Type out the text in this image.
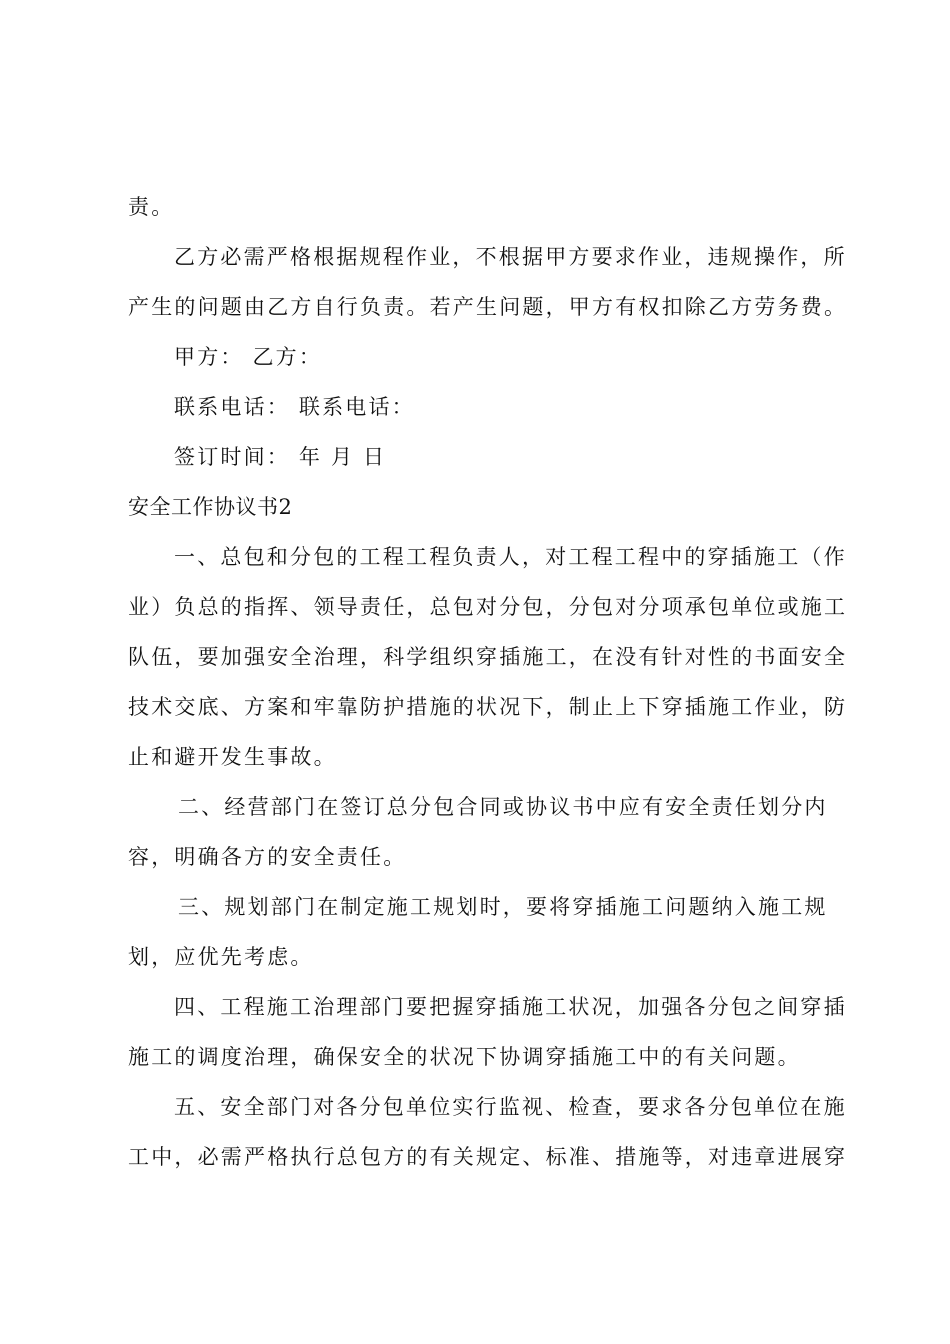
责。
乙方必需严格根据规程作业，不根据甲方要求作业，违规操作，所
产生的问题由乙方自行负责。若产生问题，甲方有权扣除乙方劳务费。
甲方： 乙方：
联系电话： 联系电话：
签订时间： 年 月 日
安全工作协议书2
一、总包和分包的工程工程负责人，对工程工程中的穿插施工（作
业）负总的指挥、领导责任，总包对分包，分包对分项承包单位或施工
队伍，要加强安全治理，科学组织穿插施工，在没有针对性的书面安全
技术交底、方案和牢靠防护措施的状况下，制止上下穿插施工作业，防
止和避开发生事故。
二、经营部门在签订总分包合同或协议书中应有安全责任划分内
容，明确各方的安全责任。
三、规划部门在制定施工规划时，要将穿插施工问题纳入施工规
划，应优先考虑。
四、工程施工治理部门要把握穿插施工状况，加强各分包之间穿插
施工的调度治理，确保安全的状况下协调穿插施工中的有关问题。
五、安全部门对各分包单位实行监视、检查，要求各分包单位在施
工中，必需严格执行总包方的有关规定、标准、措施等，对违章进展穿
